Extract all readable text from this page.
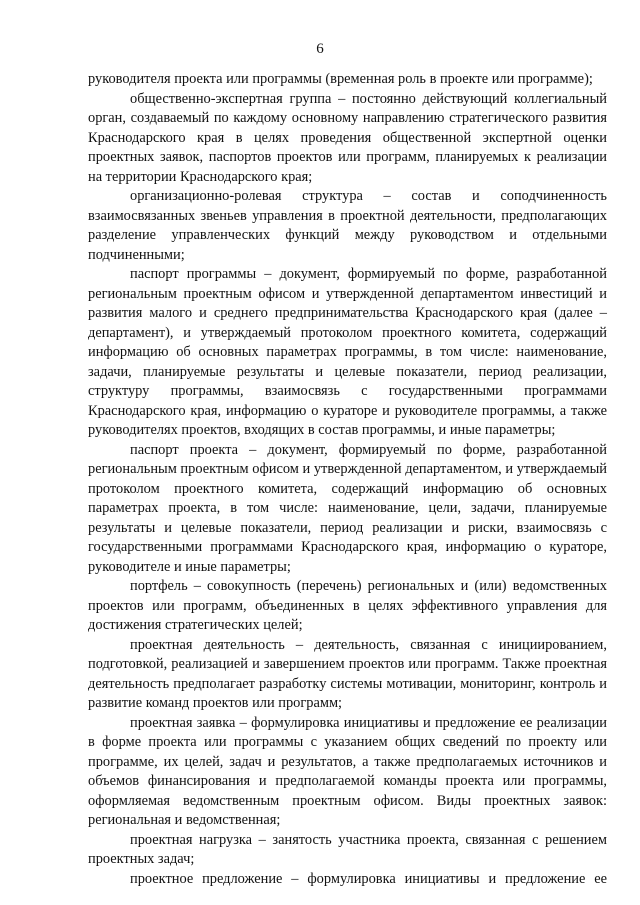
6

руководителя проекта или программы (временная роль в проекте или программе);

общественно-экспертная группа – постоянно действующий коллегиальный орган, создаваемый по каждому основному направлению стратегического развития Краснодарского края в целях проведения общественной экспертной оценки проектных заявок, паспортов проектов или программ, планируемых к реализации на территории Краснодарского края;

организационно-ролевая структура – состав и соподчиненность взаимосвязанных звеньев управления в проектной деятельности, предполагающих разделение управленческих функций между руководством и отдельными подчиненными;

паспорт программы – документ, формируемый по форме, разработанной региональным проектным офисом и утвержденной департаментом инвестиций и развития малого и среднего предпринимательства Краснодарского края (далее – департамент), и утверждаемый протоколом проектного комитета, содержащий информацию об основных параметрах программы, в том числе: наименование, задачи, планируемые результаты и целевые показатели, период реализации, структуру программы, взаимосвязь с государственными программами Краснодарского края, информацию о кураторе и руководителе программы, а также руководителях проектов, входящих в состав программы, и иные параметры;

паспорт проекта – документ, формируемый по форме, разработанной региональным проектным офисом и утвержденной департаментом, и утверждаемый протоколом проектного комитета, содержащий информацию об основных параметрах проекта, в том числе: наименование, цели, задачи, планируемые результаты и целевые показатели, период реализации и риски, взаимосвязь с государственными программами Краснодарского края, информацию о кураторе, руководителе и иные параметры;

портфель – совокупность (перечень) региональных и (или) ведомственных проектов или программ, объединенных в целях эффективного управления для достижения стратегических целей;

проектная деятельность – деятельность, связанная с инициированием, подготовкой, реализацией и завершением проектов или программ. Также проектная деятельность предполагает разработку системы мотивации, мониторинг, контроль и развитие команд проектов или программ;

проектная заявка – формулировка инициативы и предложение ее реализации в форме проекта или программы с указанием общих сведений по проекту или программе, их целей, задач и результатов, а также предполагаемых источников и объемов финансирования и предполагаемой команды проекта или программы, оформляемая ведомственным проектным офисом. Виды проектных заявок: региональная и ведомственная;

проектная нагрузка – занятость участника проекта, связанная с решением проектных задач;

проектное предложение – формулировка инициативы и предложение ее
